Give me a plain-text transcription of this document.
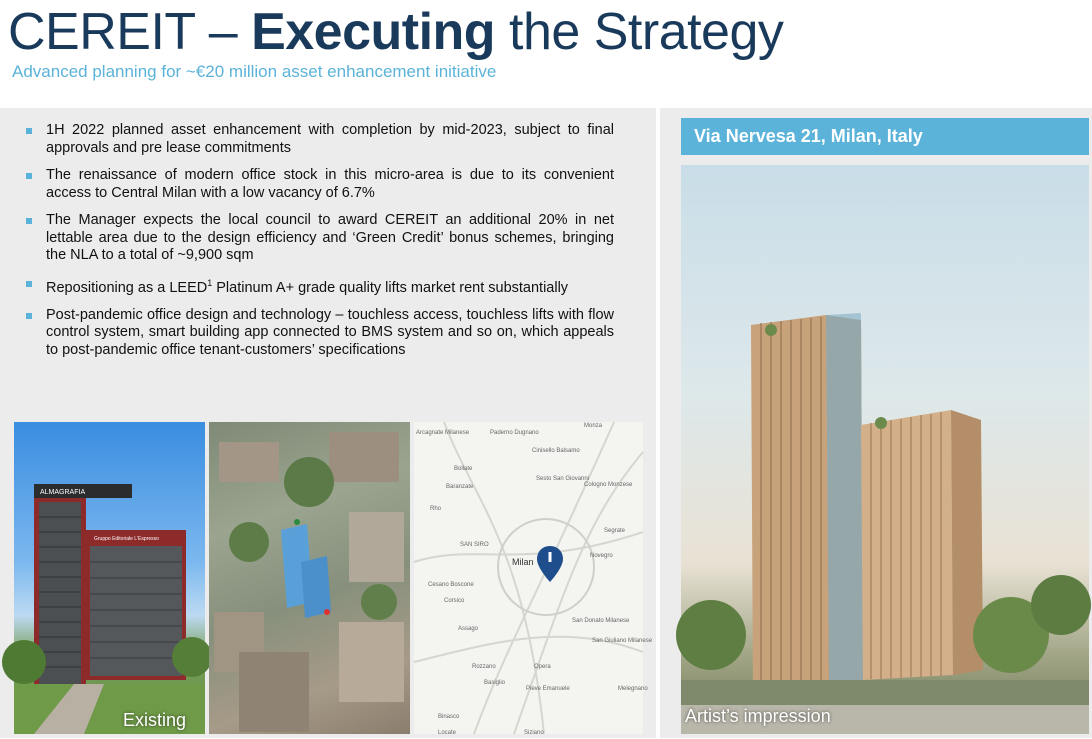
CEREIT – Executing the Strategy
Advanced planning for ~€20 million asset enhancement initiative
1H 2022 planned asset enhancement with completion by mid-2023, subject to final approvals and pre lease commitments
The renaissance of modern office stock in this micro-area is due to its convenient access to Central Milan with a low vacancy of 6.7%
The Manager expects the local council to award CEREIT an additional 20% in net lettable area due to the design efficiency and ‘Green Credit’ bonus schemes, bringing the NLA to a total of ~9,900 sqm
Repositioning as a LEED$^1$ Platinum A+ grade quality lifts market rent substantially
Post-pandemic office design and technology – touchless access, touchless lifts with flow control system, smart building app connected to BMS system and so on, which appeals to post-pandemic office tenant-customers’ specifications
ALMAGRAFIA
Gruppo Editoriale L'Espresso
Existing
Monza
Paderno Dugnano
Cinisello Balsamo
Bollate
Baranzate
Sesto San Giovanni
Cologno Monzese
Rho
Segrate
SAN SIRO
Milan
Novegro
Cesano Boscone
Corsico
San Donato Milanese
Assago
San Giuliano Milanese
Rozzano	Opera
Basiglio
Pieve Emanuele	Melegnano
Binasco
Locate	Siziano
Arcagnate Milanese
Via Nervesa 21, Milan, Italy
Artist’s impression
